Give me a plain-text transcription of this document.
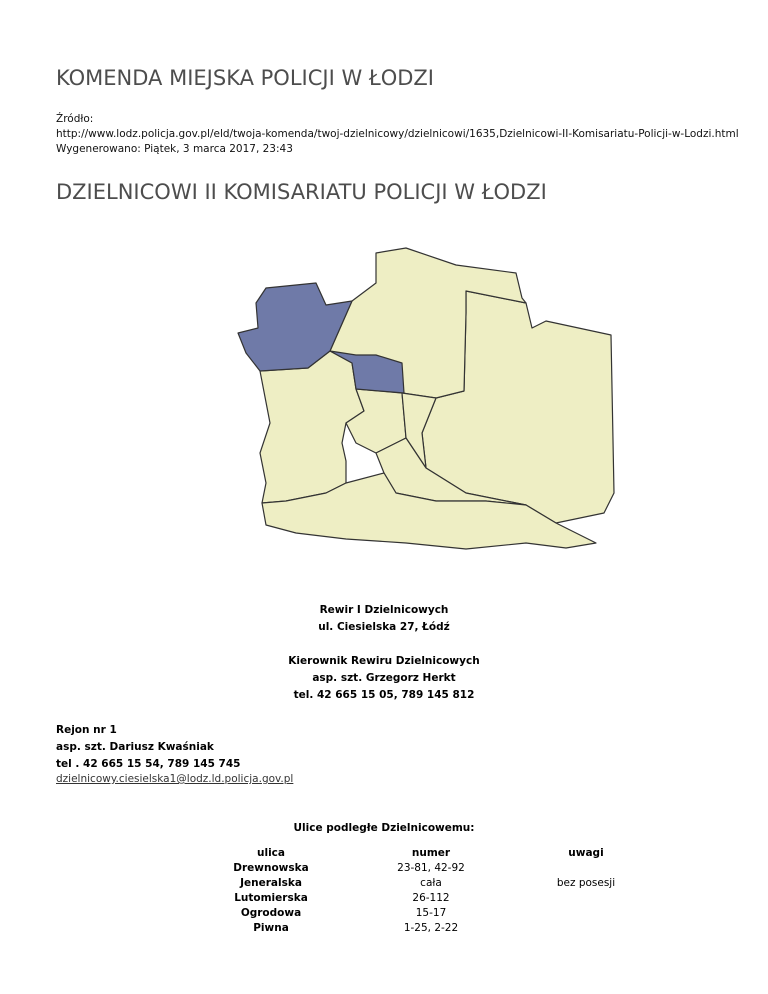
KOMENDA MIEJSKA POLICJI W ŁODZI
Źródło:
http://www.lodz.policja.gov.pl/eld/twoja-komenda/twoj-dzielnicowy/dzielnicowi/1635,Dzielnicowi-II-Komisariatu-Policji-w-Lodzi.html
Wygenerowano: Piątek, 3 marca 2017, 23:43
DZIELNICOWI II KOMISARIATU POLICJI W ŁODZI
Rewir I Dzielnicowych
ul. Ciesielska 27, Łódź
Kierownik Rewiru Dzielnicowych
asp. szt. Grzegorz Herkt
tel. 42 665 15 05, 789 145 812
Rejon nr 1
asp. szt. Dariusz Kwaśniak
tel . 42 665 15 54, 789 145 745
dzielnicowy.ciesielska1@lodz.ld.policja.gov.pl
Ulice podległe Dzielnicowemu:
ulica	numer	uwagi
Drewnowska	23-81, 42-92	
Jeneralska	cała	bez posesji
Lutomierska	26-112	
Ogrodowa	15-17	
Piwna	1-25, 2-22	
